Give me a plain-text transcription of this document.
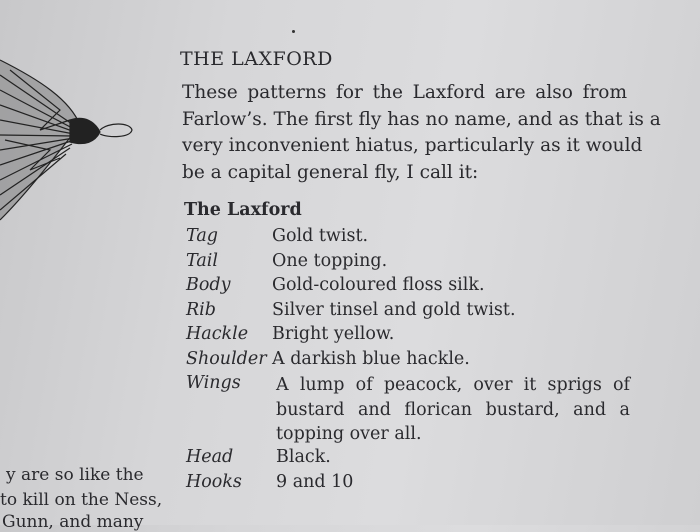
THE LAXFORD

These patterns for the Laxford are also from
Farlow’s. The first fly has no name, and as that is a
very inconvenient hiatus, particularly as it would
be a capital general fly, I call it:

The Laxford
Tag	Gold twist.
Tail	One topping.
Body Gold-coloured floss silk.
Rib	Silver tinsel and gold twist.
Hackle Bright yellow.
Shoulder A darkish blue hackle.
Wings A lump of peacock, over it sprigs of
bustard and florican bustard, and a
topping over all.
Head Black.
Hooks 9 and 10
y are so like the
to kill on the Ness,
Gunn, and many
